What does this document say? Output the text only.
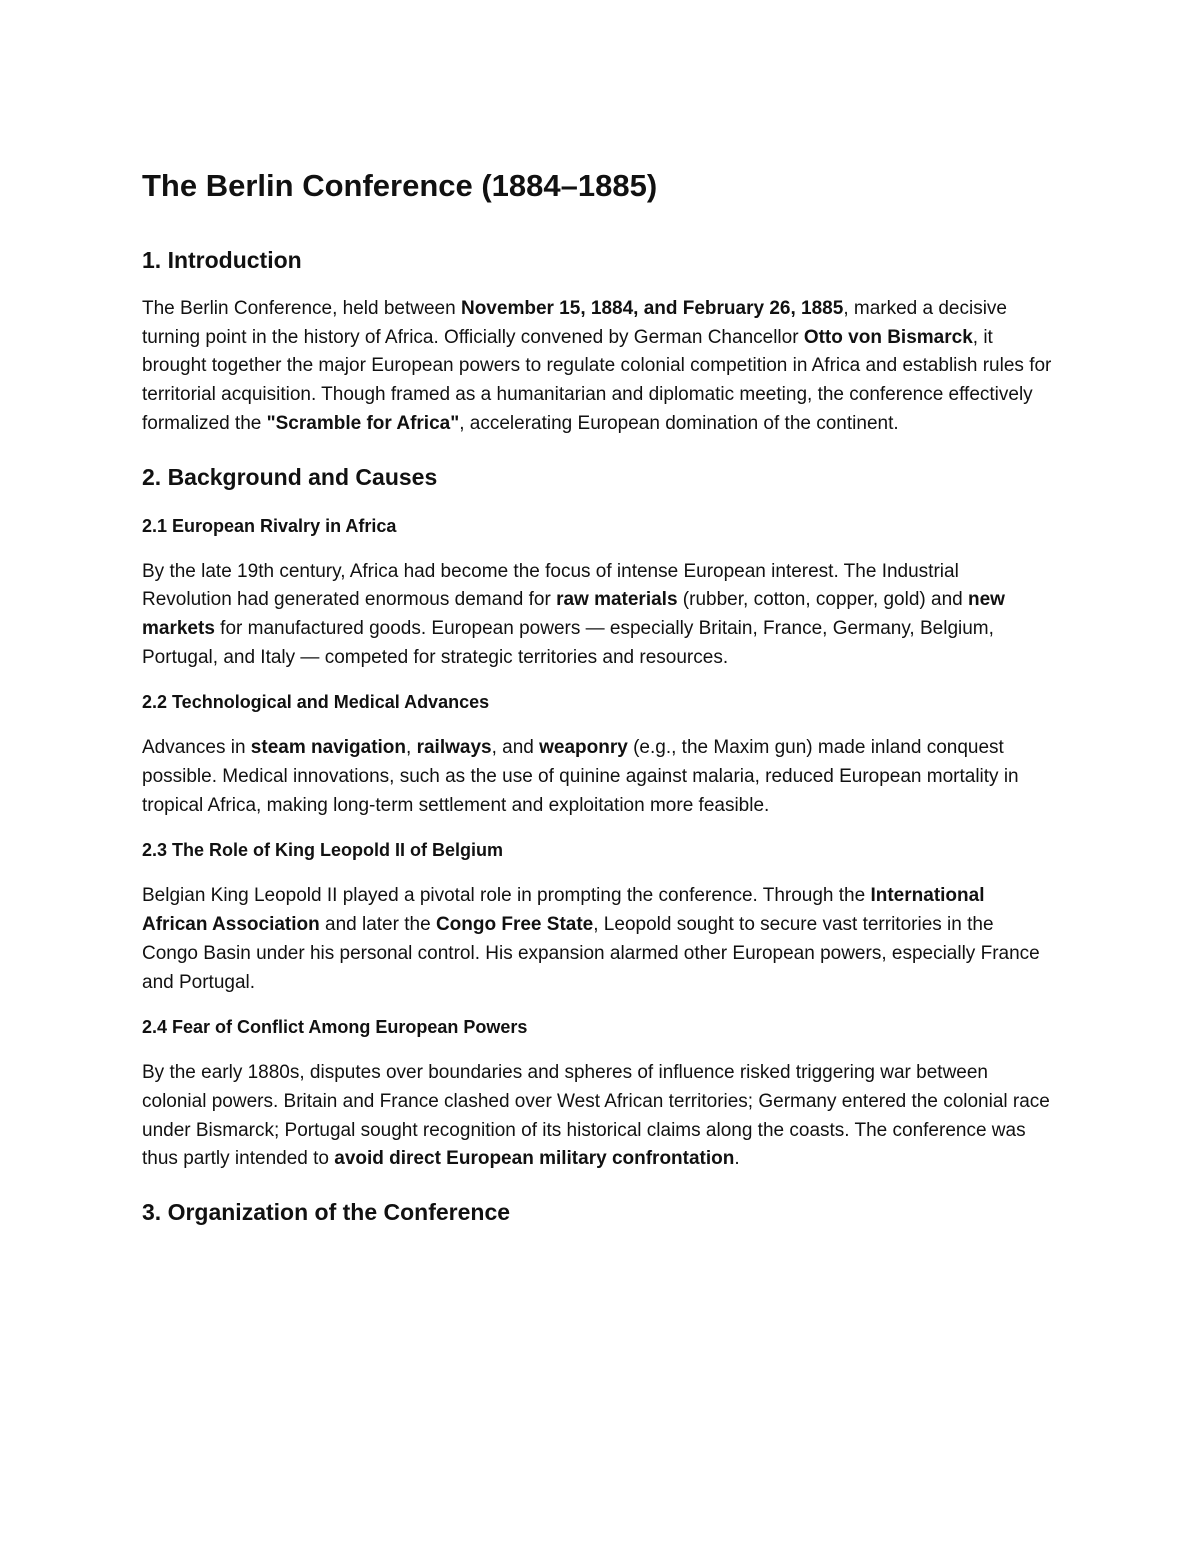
The Berlin Conference (1884–1885)
1. Introduction

The Berlin Conference, held between November 15, 1884, and February 26, 1885, marked a decisive turning point in the history of Africa. Officially convened by German Chancellor Otto von Bismarck, it brought together the major European powers to regulate colonial competition in Africa and establish rules for territorial acquisition. Though framed as a humanitarian and diplomatic meeting, the conference effectively formalized the "Scramble for Africa", accelerating European domination of the continent.

2. Background and Causes
2.1 European Rivalry in Africa

By the late 19th century, Africa had become the focus of intense European interest. The Industrial Revolution had generated enormous demand for raw materials (rubber, cotton, copper, gold) and new markets for manufactured goods. European powers — especially Britain, France, Germany, Belgium, Portugal, and Italy — competed for strategic territories and resources.

2.2 Technological and Medical Advances

Advances in steam navigation, railways, and weaponry (e.g., the Maxim gun) made inland conquest possible. Medical innovations, such as the use of quinine against malaria, reduced European mortality in tropical Africa, making long-term settlement and exploitation more feasible.

2.3 The Role of King Leopold II of Belgium

Belgian King Leopold II played a pivotal role in prompting the conference. Through the International African Association and later the Congo Free State, Leopold sought to secure vast territories in the Congo Basin under his personal control. His expansion alarmed other European powers, especially France and Portugal.

2.4 Fear of Conflict Among European Powers

By the early 1880s, disputes over boundaries and spheres of influence risked triggering war between colonial powers. Britain and France clashed over West African territories; Germany entered the colonial race under Bismarck; Portugal sought recognition of its historical claims along the coasts. The conference was thus partly intended to avoid direct European military confrontation.

3. Organization of the Conference
